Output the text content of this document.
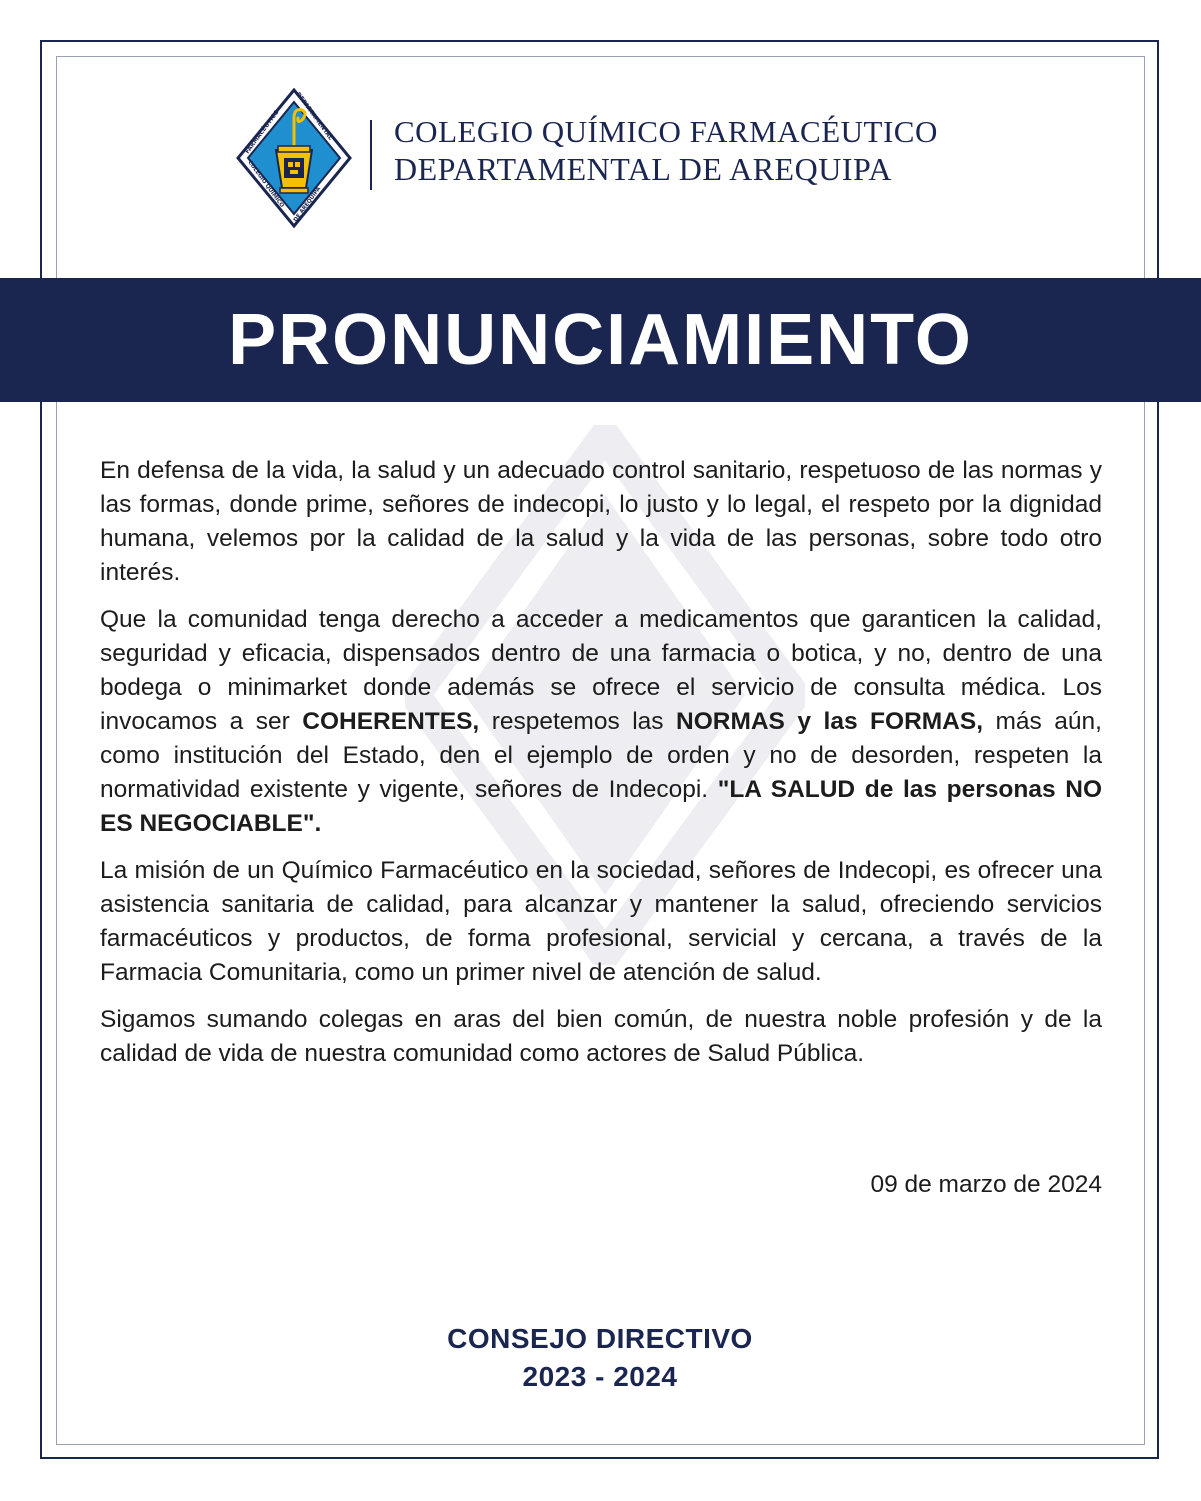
FARMACÉUTICO
DEPARTAMENTAL
COLEGIO QUÍMICO
DE AREQUIPA
COLEGIO QUÍMICO FARMACÉUTICO
DEPARTAMENTAL DE AREQUIPA
PRONUNCIAMIENTO

En defensa de la vida, la salud y un adecuado control sanitario, respetuoso de las normas y las formas, donde prime, señores de indecopi, lo justo y lo legal, el respeto por la dignidad humana, velemos por la calidad de la salud y la vida de las personas, sobre todo otro interés.

Que la comunidad tenga derecho a acceder a medicamentos que garanticen la calidad, seguridad y eficacia, dispensados dentro de una farmacia o botica, y no, dentro de una bodega o minimarket donde además se ofrece el servicio de consulta médica. Los invocamos a ser COHERENTES, respetemos las NORMAS y las FORMAS, más aún, como institución del Estado, den el ejemplo de orden y no de desorden, respeten la normatividad existente y vigente, señores de Indecopi. "LA SALUD de las personas NO ES NEGOCIABLE".

La misión de un Químico Farmacéutico en la sociedad, señores de Indecopi, es ofrecer una asistencia sanitaria de calidad, para alcanzar y mantener la salud, ofreciendo servicios farmacéuticos y productos, de forma profesional, servicial y cercana, a través de la Farmacia Comunitaria, como un primer nivel de atención de salud.

Sigamos sumando colegas en aras del bien común, de nuestra noble profesión y de la calidad de vida de nuestra comunidad como actores de Salud Pública.

09 de marzo de 2024
CONSEJO DIRECTIVO
2023 - 2024
